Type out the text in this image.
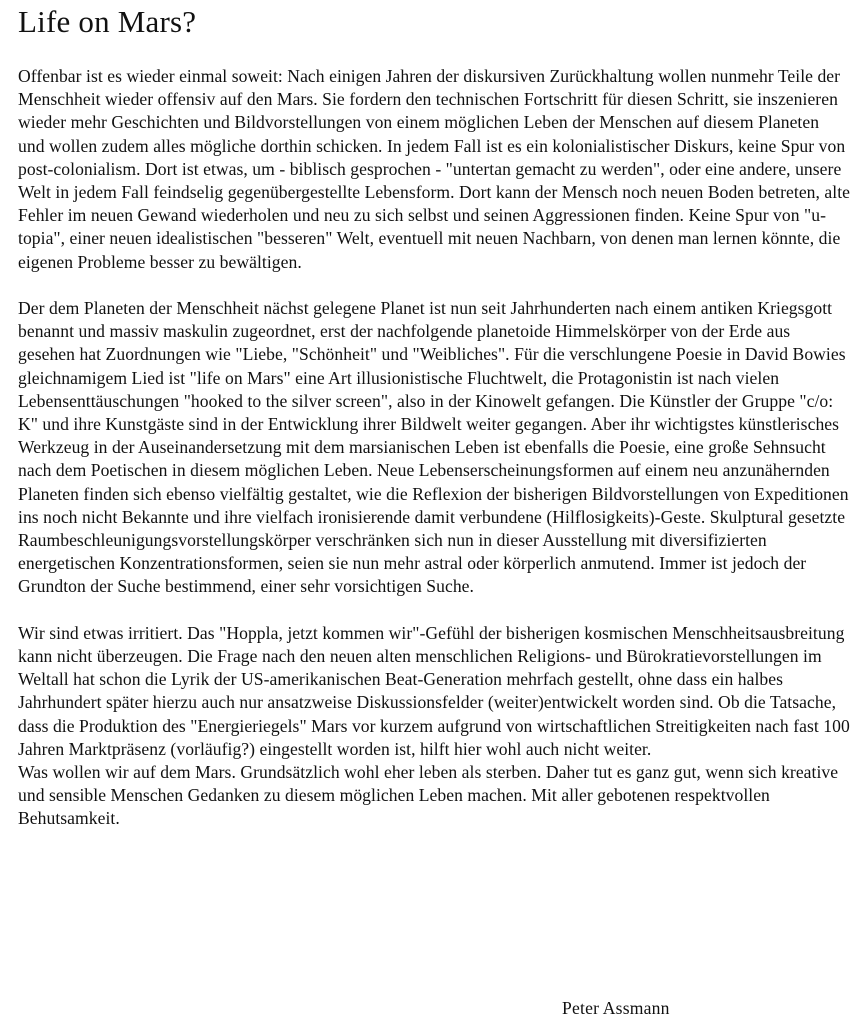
Life on Mars?

Offenbar ist es wieder einmal soweit: Nach einigen Jahren der diskursiven Zurückhaltung wollen nunmehr Teile der Menschheit wieder offensiv auf den Mars. Sie fordern den technischen Fortschritt für diesen Schritt, sie inszenieren wieder mehr Geschichten und Bildvorstellungen von einem möglichen Leben der Menschen auf diesem Planeten und wollen zudem alles mögliche dorthin schicken. In jedem Fall ist es ein kolonialistischer Diskurs, keine Spur von post-colonialism. Dort ist etwas, um - biblisch gesprochen - "untertan gemacht zu werden", oder eine andere, unsere Welt in jedem Fall feindselig gegenübergestellte Lebensform. Dort kann der Mensch noch neuen Boden betreten, alte Fehler im neuen Gewand wiederholen und neu zu sich selbst und seinen Aggressionen finden. Keine Spur von "u-topia", einer neuen idealistischen "besseren" Welt, eventuell mit neuen Nachbarn, von denen man lernen könnte, die eigenen Probleme besser zu bewältigen.

Der dem Planeten der Menschheit nächst gelegene Planet ist nun seit Jahrhunderten nach einem antiken Kriegsgott benannt und massiv maskulin zugeordnet, erst der nachfolgende planetoide Himmelskörper von der Erde aus gesehen hat Zuordnungen wie "Liebe, "Schönheit" und "Weibliches". Für die verschlungene Poesie in David Bowies gleichnamigem Lied ist "life on Mars" eine Art illusionistische Fluchtwelt, die Protagonistin ist nach vielen Lebensenttäuschungen "hooked to the silver screen", also in der Kinowelt gefangen. Die Künstler der Gruppe "c/o: K" und ihre Kunstgäste sind in der Entwicklung ihrer Bildwelt weiter gegangen. Aber ihr wichtigstes künstlerisches Werkzeug in der Auseinandersetzung mit dem marsianischen Leben ist ebenfalls die Poesie, eine große Sehnsucht nach dem Poetischen in diesem möglichen Leben. Neue Lebenserscheinungsformen auf einem neu anzunähernden Planeten finden sich ebenso vielfältig gestaltet, wie die Reflexion der bisherigen Bildvorstellungen von Expeditionen ins noch nicht Bekannte und ihre vielfach ironisierende damit verbundene (Hilflosigkeits)-Geste. Skulptural gesetzte Raumbeschleunigungsvorstellungskörper verschränken sich nun in dieser Ausstellung mit diversifizierten energetischen Konzentrationsformen, seien sie nun mehr astral oder körperlich anmutend. Immer ist jedoch der Grundton der Suche bestimmend, einer sehr vorsichtigen Suche.

Wir sind etwas irritiert. Das "Hoppla, jetzt kommen wir"-Gefühl der bisherigen kosmischen Menschheitsausbreitung kann nicht überzeugen. Die Frage nach den neuen alten menschlichen Religions- und Bürokratievorstellungen im Weltall hat schon die Lyrik der US-amerikanischen Beat-Generation mehrfach gestellt, ohne dass ein halbes Jahrhundert später hierzu auch nur ansatzweise Diskussionsfelder (weiter)entwickelt worden sind. Ob die Tatsache, dass die Produktion des "Energieriegels" Mars vor kurzem aufgrund von wirtschaftlichen Streitigkeiten nach fast 100 Jahren Marktpräsenz (vorläufig?) eingestellt worden ist, hilft hier wohl auch nicht weiter.

Was wollen wir auf dem Mars. Grundsätzlich wohl eher leben als sterben. Daher tut es ganz gut, wenn sich kreative und sensible Menschen Gedanken zu diesem möglichen Leben machen. Mit aller gebotenen respektvollen Behutsamkeit.

Peter Assmann
